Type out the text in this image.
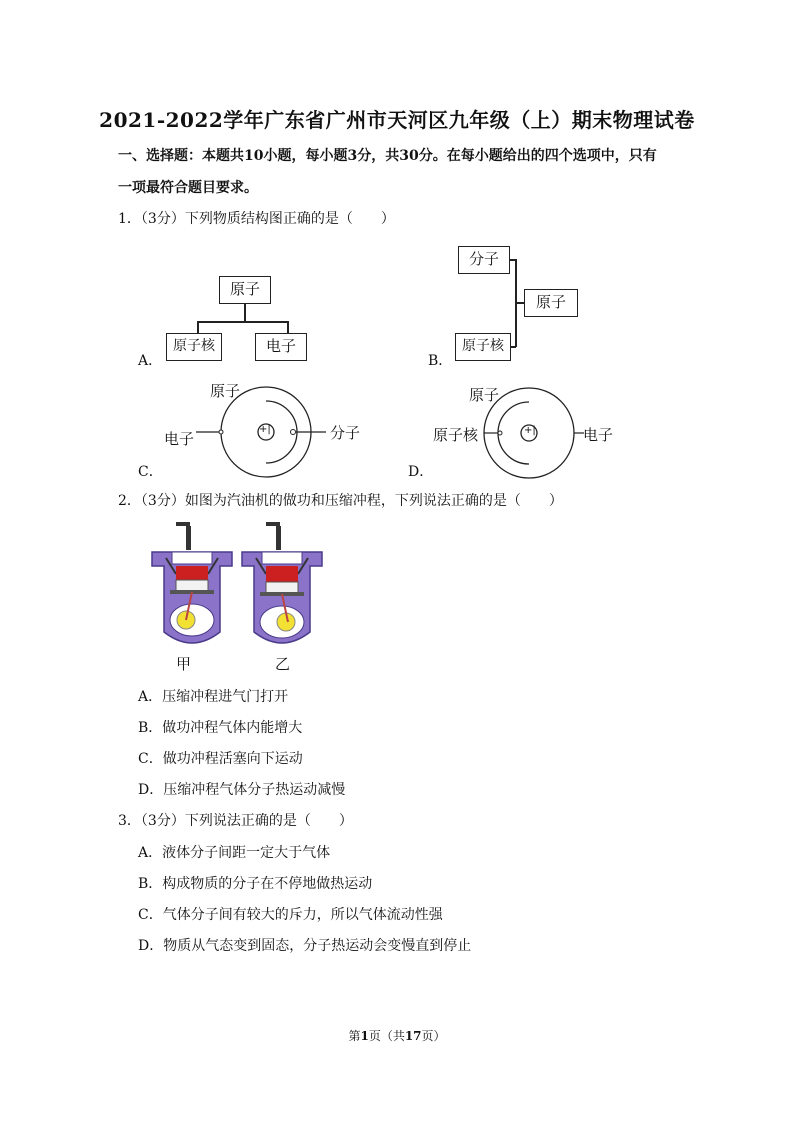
2021-2022学年广东省广州市天河区九年级（上）期末物理试卷
一、选择题：本题共10小题，每小题3分，共30分。在每小题给出的四个选项中，只有
一项最符合题目要求。
1．（3分）下列物质结构图正确的是（　　）
原子
原子核	电子
A．
分子
原子核
原子
B．
+|
原子
电子	分子
C．
+|
原子
原子核	电子
D．
2．（3分）如图为汽油机的做功和压缩冲程，下列说法正确的是（　　）
甲	乙
A．压缩冲程进气门打开
B．做功冲程气体内能增大
C．做功冲程活塞向下运动
D．压缩冲程气体分子热运动减慢
3．（3分）下列说法正确的是（　　）
A．液体分子间距一定大于气体
B．构成物质的分子在不停地做热运动
C．气体分子间有较大的斥力，所以气体流动性强
D．物质从气态变到固态，分子热运动会变慢直到停止
第1页（共17页）
